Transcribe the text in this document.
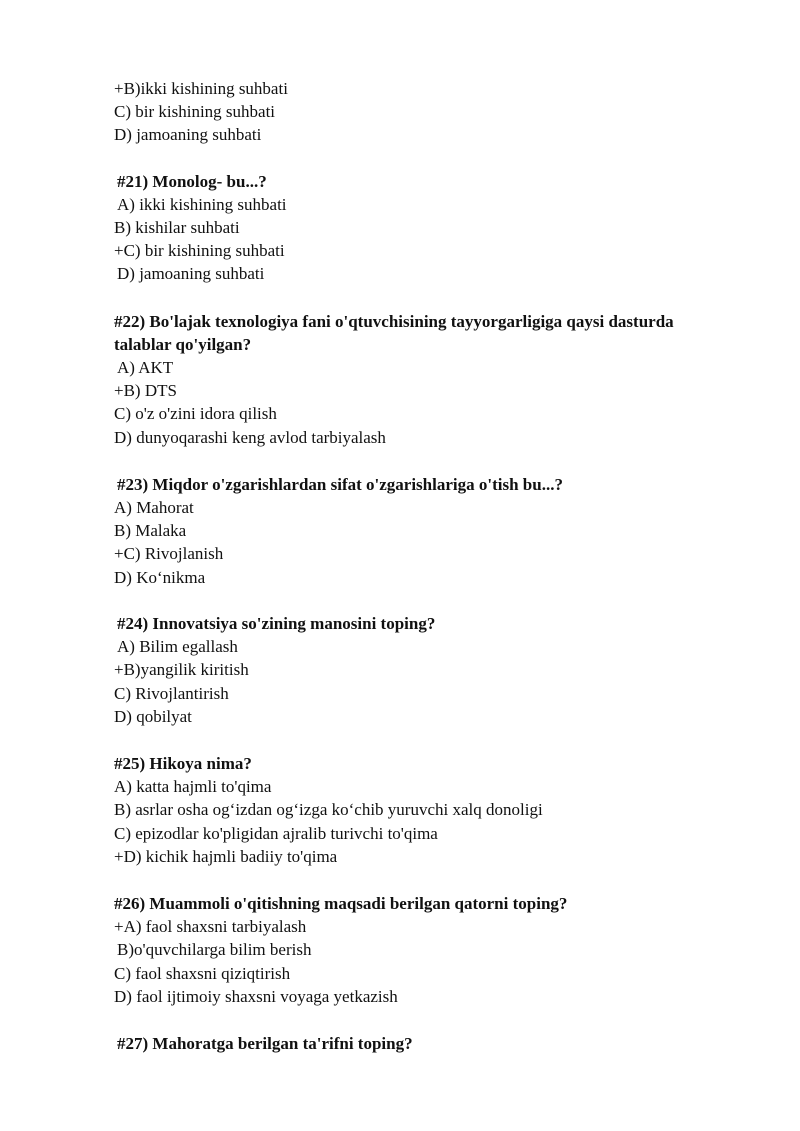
+B)ikki kishining suhbati
C) bir kishining suhbati
D) jamoaning suhbati
#21) Monolog- bu...?
A) ikki kishining suhbati
B) kishilar suhbati
+C) bir kishining suhbati
D) jamoaning suhbati
#22) Bo'lajak texnologiya fani o'qtuvchisining tayyorgarligiga qaysi dasturda
talablar qo'yilgan?
A) AKT
+B) DTS
C) o'z o'zini idora qilish
D) dunyoqarashi keng avlod tarbiyalash
#23) Miqdor o'zgarishlardan sifat o'zgarishlariga o'tish bu...?
A) Mahorat
B) Malaka
+C) Rivojlanish
D) Koʻnikma
#24) Innovatsiya so'zining manosini toping?
A) Bilim egallash
+B)yangilik kiritish
C) Rivojlantirish
D) qobilyat
#25) Hikoya nima?
A) katta hajmli to'qima
B) asrlar osha ogʻizdan ogʻizga koʻchib yuruvchi xalq donoligi
C) epizodlar ko'pligidan ajralib turivchi to'qima
+D) kichik hajmli badiiy to'qima
#26) Muammoli o'qitishning maqsadi berilgan qatorni toping?
+A) faol shaxsni tarbiyalash
B)o'quvchilarga bilim berish
C) faol shaxsni qiziqtirish
D) faol ijtimoiy shaxsni voyaga yetkazish
#27) Mahoratga berilgan ta'rifni toping?
